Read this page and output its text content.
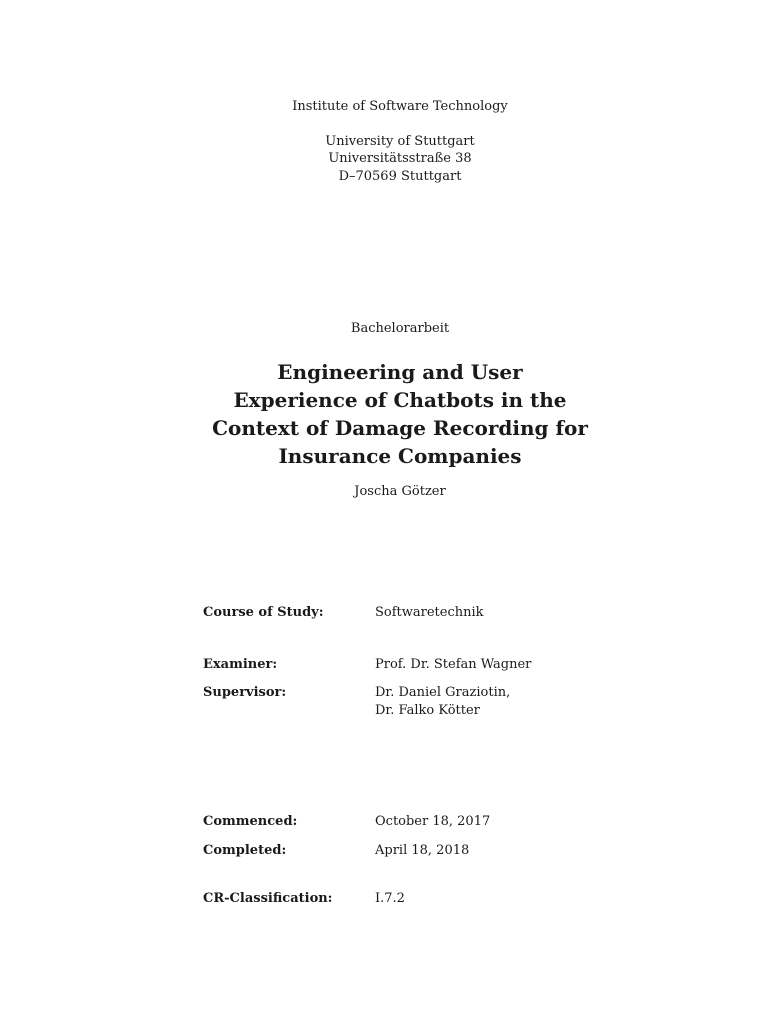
Institute of Software Technology
University of Stuttgart
Universitätsstraße 38
D–70569 Stuttgart
Bachelorarbeit
Engineering and User
Experience of Chatbots in the
Context of Damage Recording for
Insurance Companies
Joscha Götzer
Course of Study:	Softwaretechnik
Examiner:	Prof. Dr. Stefan Wagner
Supervisor:	Dr. Daniel Graziotin,
Dr. Falko Kötter
Commenced:	October 18, 2017
Completed:	April 18, 2018
CR-Classification:	I.7.2
